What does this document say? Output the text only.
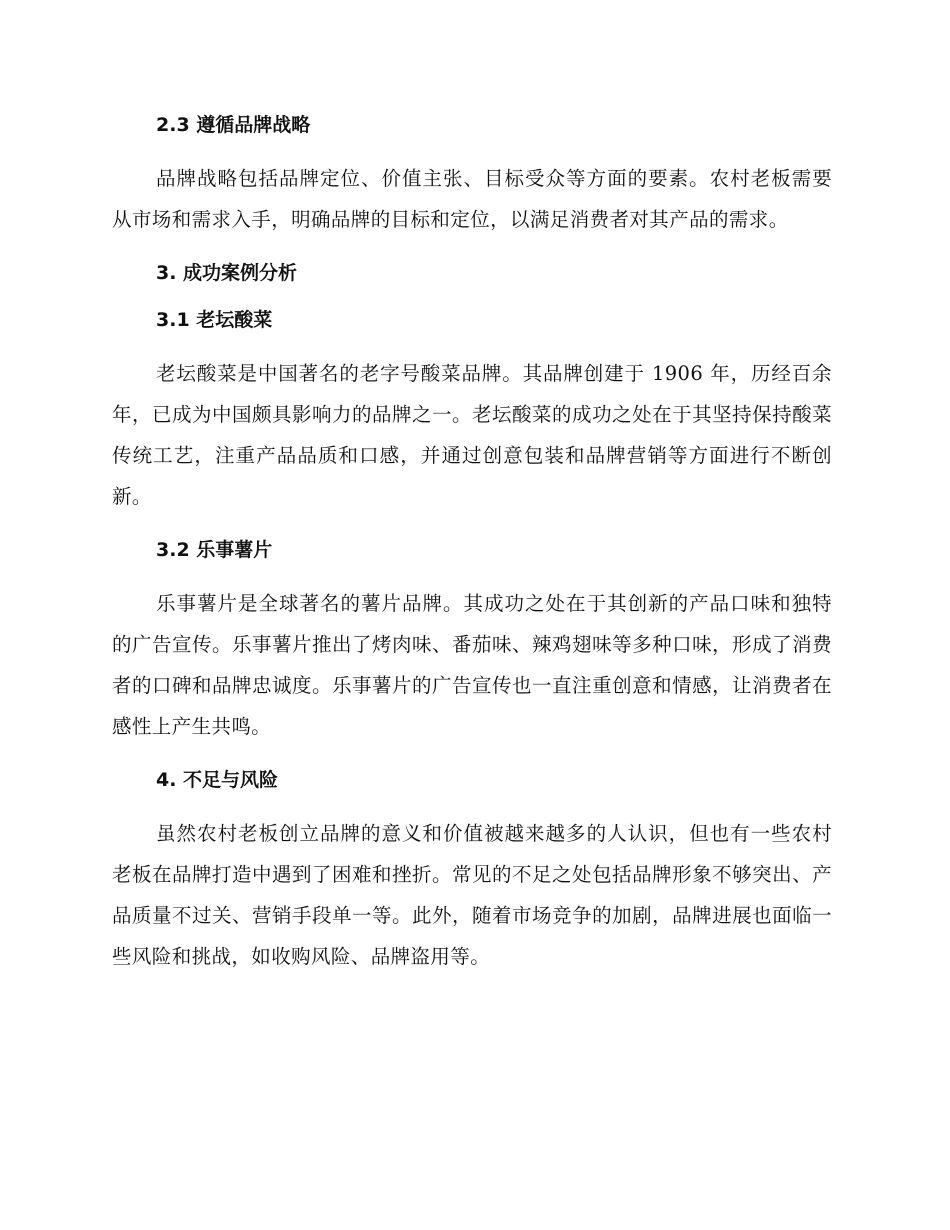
2.3 遵循品牌战略

品牌战略包括品牌定位、价值主张、目标受众等方面的要素。农村老板需要从市场和需求入手，明确品牌的目标和定位，以满足消费者对其产品的需求。

3. 成功案例分析
3.1 老坛酸菜

老坛酸菜是中国著名的老字号酸菜品牌。其品牌创建于 1906 年，历经百余年，已成为中国颇具影响力的品牌之一。老坛酸菜的成功之处在于其坚持保持酸菜传统工艺，注重产品品质和口感，并通过创意包装和品牌营销等方面进行不断创新。

3.2 乐事薯片

乐事薯片是全球著名的薯片品牌。其成功之处在于其创新的产品口味和独特的广告宣传。乐事薯片推出了烤肉味、番茄味、辣鸡翅味等多种口味，形成了消费者的口碑和品牌忠诚度。乐事薯片的广告宣传也一直注重创意和情感，让消费者在感性上产生共鸣。

4. 不足与风险

虽然农村老板创立品牌的意义和价值被越来越多的人认识，但也有一些农村老板在品牌打造中遇到了困难和挫折。常见的不足之处包括品牌形象不够突出、产品质量不过关、营销手段单一等。此外，随着市场竞争的加剧，品牌进展也面临一些风险和挑战，如收购风险、品牌盗用等。
